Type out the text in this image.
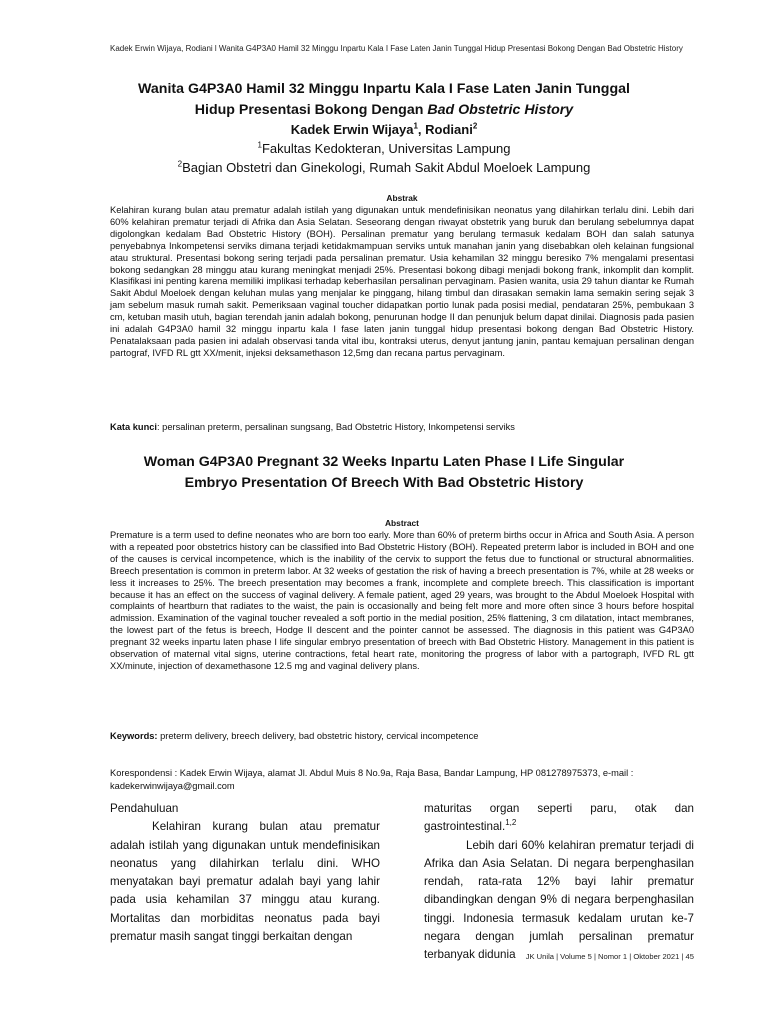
Kadek Erwin Wijaya, Rodiani l Wanita G4P3A0 Hamil 32 Minggu Inpartu Kala I Fase Laten Janin Tunggal Hidup Presentasi Bokong Dengan Bad Obstetric History
Wanita G4P3A0 Hamil 32 Minggu Inpartu Kala I Fase Laten Janin Tunggal
Hidup Presentasi Bokong Dengan Bad Obstetric History
Kadek Erwin Wijaya$^1$, Rodiani$^2$
$^1$Fakultas Kedokteran, Universitas Lampung
$^2$Bagian Obstetri dan Ginekologi, Rumah Sakit Abdul Moeloek Lampung
Abstrak

Kelahiran kurang bulan atau prematur adalah istilah yang digunakan untuk mendefinisikan neonatus yang dilahirkan terlalu dini. Lebih dari 60% kelahiran prematur terjadi di Afrika dan Asia Selatan. Seseorang dengan riwayat obstetrik yang buruk dan berulang sebelumnya dapat digolongkan kedalam Bad Obstetric History (BOH). Persalinan prematur yang berulang termasuk kedalam BOH dan salah satunya penyebabnya Inkompetensi serviks dimana terjadi ketidakmampuan serviks untuk manahan janin yang disebabkan oleh kelainan fungsional atau struktural. Presentasi bokong sering terjadi pada persalinan prematur. Usia kehamilan 32 minggu beresiko 7% mengalami presentasi bokong sedangkan 28 minggu atau kurang meningkat menjadi 25%. Presentasi bokong dibagi menjadi bokong frank, inkomplit dan komplit. Klasifikasi ini penting karena memiliki implikasi terhadap keberhasilan persalinan pervaginam. Pasien wanita, usia 29 tahun diantar ke Rumah Sakit Abdul Moeloek dengan keluhan mulas yang menjalar ke pinggang, hilang timbul dan dirasakan semakin lama semakin sering sejak 3 jam sebelum masuk rumah sakit. Pemeriksaan vaginal toucher didapatkan portio lunak pada posisi medial, pendataran 25%, pembukaan 3 cm, ketuban masih utuh, bagian terendah janin adalah bokong, penurunan hodge II dan penunjuk belum dapat dinilai. Diagnosis pada pasien ini adalah G4P3A0 hamil 32 minggu inpartu kala I fase laten janin tunggal hidup presentasi bokong dengan Bad Obstetric History. Penatalaksaan pada pasien ini adalah observasi tanda vital ibu, kontraksi uterus, denyut jantung janin, pantau kemajuan persalinan dengan partograf, IVFD RL gtt XX/menit, injeksi deksamethason 12,5mg dan recana partus pervaginam.

Kata kunci: persalinan preterm, persalinan sungsang, Bad Obstetric History, Inkompetensi serviks
Woman G4P3A0 Pregnant 32 Weeks Inpartu Laten Phase I Life Singular
Embryo Presentation Of Breech With Bad Obstetric History
Abstract

Premature is a term used to define neonates who are born too early. More than 60% of preterm births occur in Africa and South Asia. A person with a repeated poor obstetrics history can be classified into Bad Obstetric History (BOH). Repeated preterm labor is included in BOH and one of the causes is cervical incompetence, which is the inability of the cervix to support the fetus due to functional or structural abnormalities. Breech presentation is common in preterm labor. At 32 weeks of gestation the risk of having a breech presentation is 7%, while at 28 weeks or less it increases to 25%. The breech presentation may becomes a frank, incomplete and complete breech. This classification is important because it has an effect on the success of vaginal delivery. A female patient, aged 29 years, was brought to the Abdul Moeloek Hospital with complaints of heartburn that radiates to the waist, the pain is occasionally and being felt more and more often since 3 hours before hospital admission. Examination of the vaginal toucher revealed a soft portio in the medial position, 25% flattening, 3 cm dilatation, intact membranes, the lowest part of the fetus is breech, Hodge II descent and the pointer cannot be assessed. The diagnosis in this patient was G4P3A0 pregnant 32 weeks inpartu laten phase I life singular embryo presentation of breech with Bad Obstetric History. Management in this patient is observation of maternal vital signs, uterine contractions, fetal heart rate, monitoring the progress of labor with a partograph, IVFD RL gtt XX/minute, injection of dexamethasone 12.5 mg and vaginal delivery plans.

Keywords: preterm delivery, breech delivery, bad obstetric history, cervical incompetence
Korespondensi : Kadek Erwin Wijaya, alamat Jl. Abdul Muis 8 No.9a, Raja Basa, Bandar Lampung, HP 081278975373, e-mail :
kadekerwinwijaya@gmail.com
Pendahuluan

Kelahiran kurang bulan atau prematur adalah istilah yang digunakan untuk mendefinisikan neonatus yang dilahirkan terlalu dini. WHO menyatakan bayi prematur adalah bayi yang lahir pada usia kehamilan 37 minggu atau kurang. Mortalitas dan morbiditas neonatus pada bayi prematur masih sangat tinggi berkaitan dengan

maturitas organ seperti paru, otak dan gastrointestinal.$^{1,2}$

Lebih dari 60% kelahiran prematur terjadi di Afrika dan Asia Selatan. Di negara berpenghasilan rendah, rata-rata 12% bayi lahir prematur dibandingkan dengan 9% di negara berpenghasilan tinggi. Indonesia termasuk kedalam urutan ke-7 negara dengan jumlah persalinan prematur terbanyak didunia	JK Unila | Volume 5 | Nomor 1 | Oktober 2021 | 45
